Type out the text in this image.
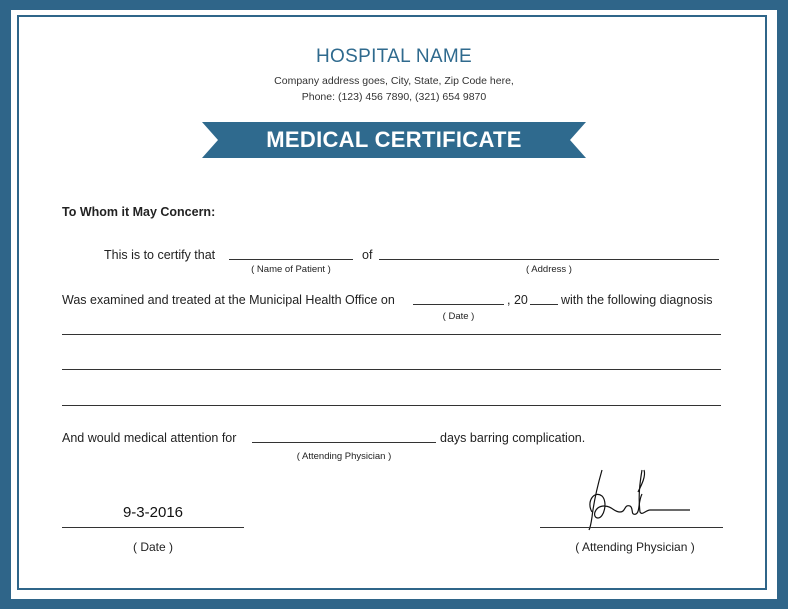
HOSPITAL NAME
Company address goes, City, State, Zip Code here,
Phone: (123) 456 7890, (321) 654 9870
MEDICAL CERTIFICATE
To Whom it May Concern:
This is to certify that	of
( Name of Patient )	( Address )
Was examined and treated at the Municipal Health Office on	, 20	with the following diagnosis
( Date )
And would medical attention for	days barring complication.
( Attending Physician )
9-3-2016
( Date )	( Attending Physician )
